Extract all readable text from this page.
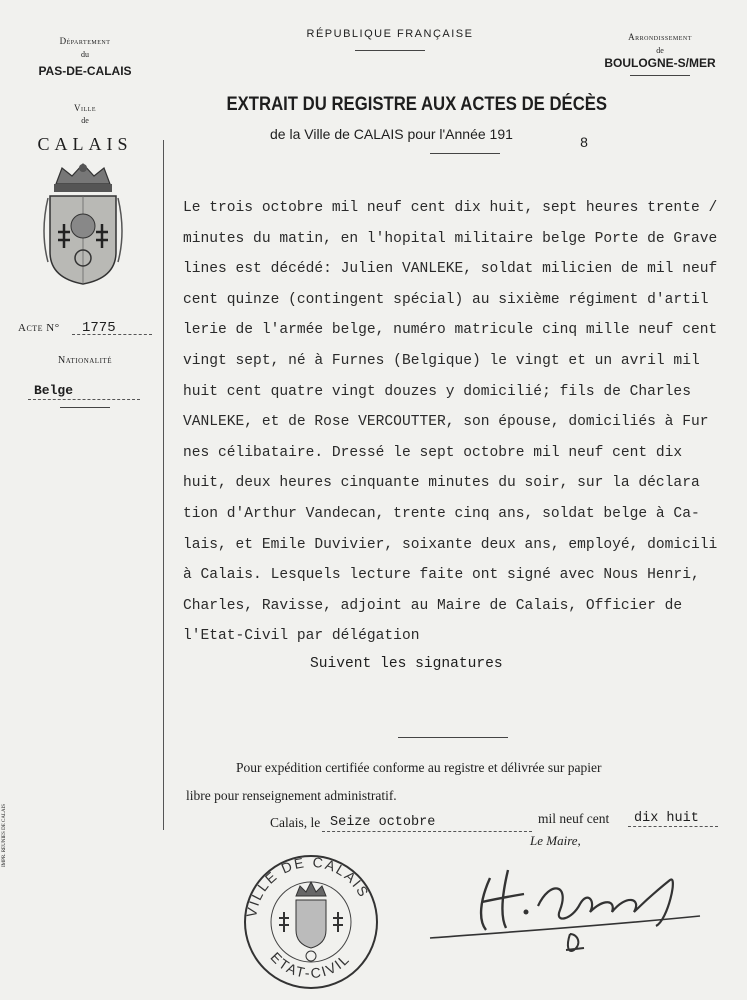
Département
du
PAS-DE-CALAIS
Ville
de
CALAIS
Acte N°	1775
Nationalité
Belge
IMPR. RÉUNIES DE CALAIS
RÉPUBLIQUE FRANÇAISE
EXTRAIT DU REGISTRE AUX ACTES DE DÉCÈS
de la Ville de CALAIS pour l'Année 191	8
Arrondissement
de
BOULOGNE-S/MER
Le trois octobre mil neuf cent dix huit, sept heures trente /
minutes du matin, en l'hopital militaire belge Porte de Grave
lines est décédé: Julien VANLEKE, soldat milicien de mil neuf
cent quinze (contingent spécial) au sixième régiment d'artil
lerie de l'armée belge, numéro matricule cinq mille neuf cent
vingt sept, né à Furnes (Belgique) le vingt et un avril mil
huit cent quatre vingt douzes y domicilié; fils de Charles
VANLEKE, et de Rose VERCOUTTER, son épouse, domiciliés à Fur
nes célibataire. Dressé le sept octobre mil neuf cent dix
huit, deux heures cinquante minutes du soir, sur la déclara
tion d'Arthur Vandecan, trente cinq ans, soldat belge à Ca-
lais, et Emile Duvivier, soixante deux ans, employé, domicili
à Calais. Lesquels lecture faite ont signé avec Nous Henri,
Charles, Ravisse, adjoint au Maire de Calais, Officier de
l'Etat-Civil par délégation
Suivent les signatures
Pour expédition certifiée conforme au registre et délivrée sur papier
libre pour renseignement administratif.
Calais, le Seize octobre	mil neuf cent	dix huit
Le Maire,
VILLE DE CALAIS
ETAT-CIVIL
